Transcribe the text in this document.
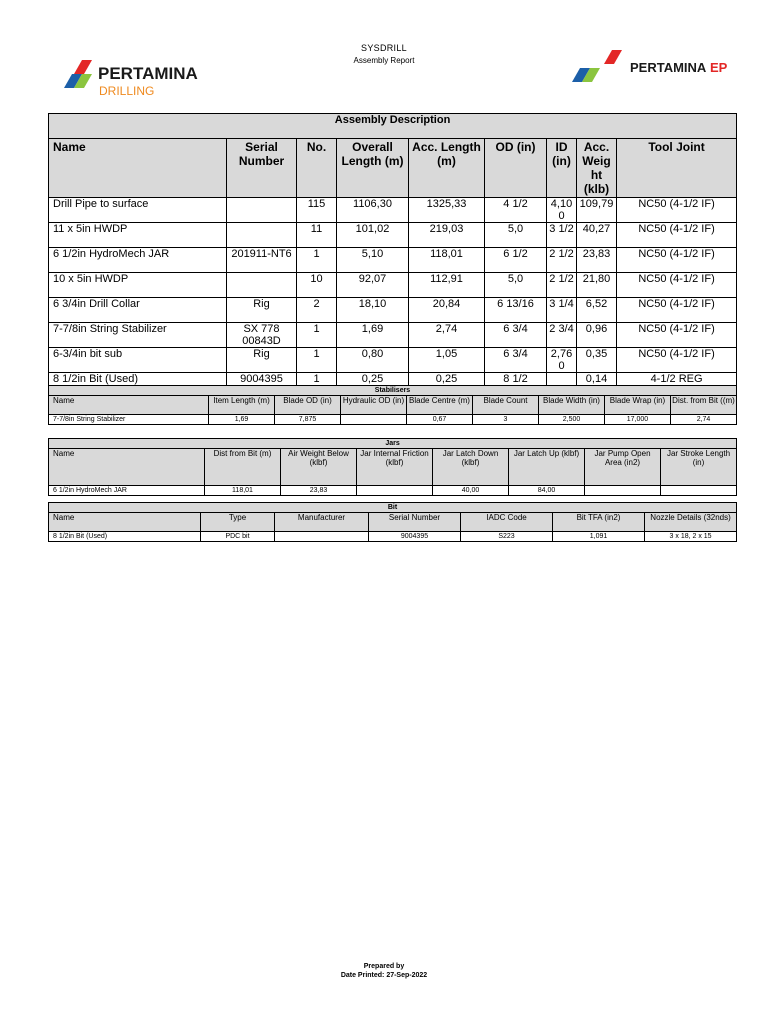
PERTAMINA
DRILLING
PERTAMINA EP
SYSDRILL
Assembly Report
Assembly Description								
Name	Serial Number	No.	Overall Length (m)	Acc. Length (m)	OD (in)	ID (in)	Acc. Weig ht (klb)	Tool Joint
Drill Pipe to surface		115	1106,30	1325,33	4 1/2	4,10 0	109,79	NC50 (4-1/2 IF)
11 x 5in HWDP		11	101,02	219,03	5,0	3 1/2	40,27	NC50 (4-1/2 IF)
6 1/2in HydroMech JAR	201911-NT6	1	5,10	118,01	6 1/2	2 1/2	23,83	NC50 (4-1/2 IF)
10 x 5in HWDP		10	92,07	112,91	5,0	2 1/2	21,80	NC50 (4-1/2 IF)
6 3/4in Drill Collar	Rig	2	18,10	20,84	6 13/16	3 1/4	6,52	NC50 (4-1/2 IF)
7-7/8in String Stabilizer	SX 778 00843D	1	1,69	2,74	6 3/4	2 3/4	0,96	NC50 (4-1/2 IF)
6-3/4in bit sub	Rig	1	0,80	1,05	6 3/4	2,76 0	0,35	NC50 (4-1/2 IF)
8 1/2in Bit (Used)	9004395	1	0,25	0,25	8 1/2		0,14	4-1/2 REG
Stabilisers								
Name	Item Length (m)	Blade OD (in)	Hydraulic OD (in)	Blade Centre (m)	Blade Count	Blade Width (in)	Blade Wrap (in)	Dist. from Bit ((m)
7-7/8in String Stabilizer	1,69	7,875		0,67	3	2,500	17,000	2,74
Jars							
Name	Dist from Bit (m)	Air Weight Below (klbf)	Jar Internal Friction (klbf)	Jar Latch Down (klbf)	Jar Latch Up (klbf)	Jar Pump Open Area (in2)	Jar Stroke Length (in)
6 1/2in HydroMech JAR	118,01	23,83		40,00	84,00		
Bit						
Name	Type	Manufacturer	Serial Number	IADC Code	Bit TFA (in2)	Nozzle Details (32nds)
8 1/2in Bit (Used)	PDC bit		9004395	S223	1,091	3 x 18, 2 x 15
Prepared by
Date Printed: 27-Sep-2022
